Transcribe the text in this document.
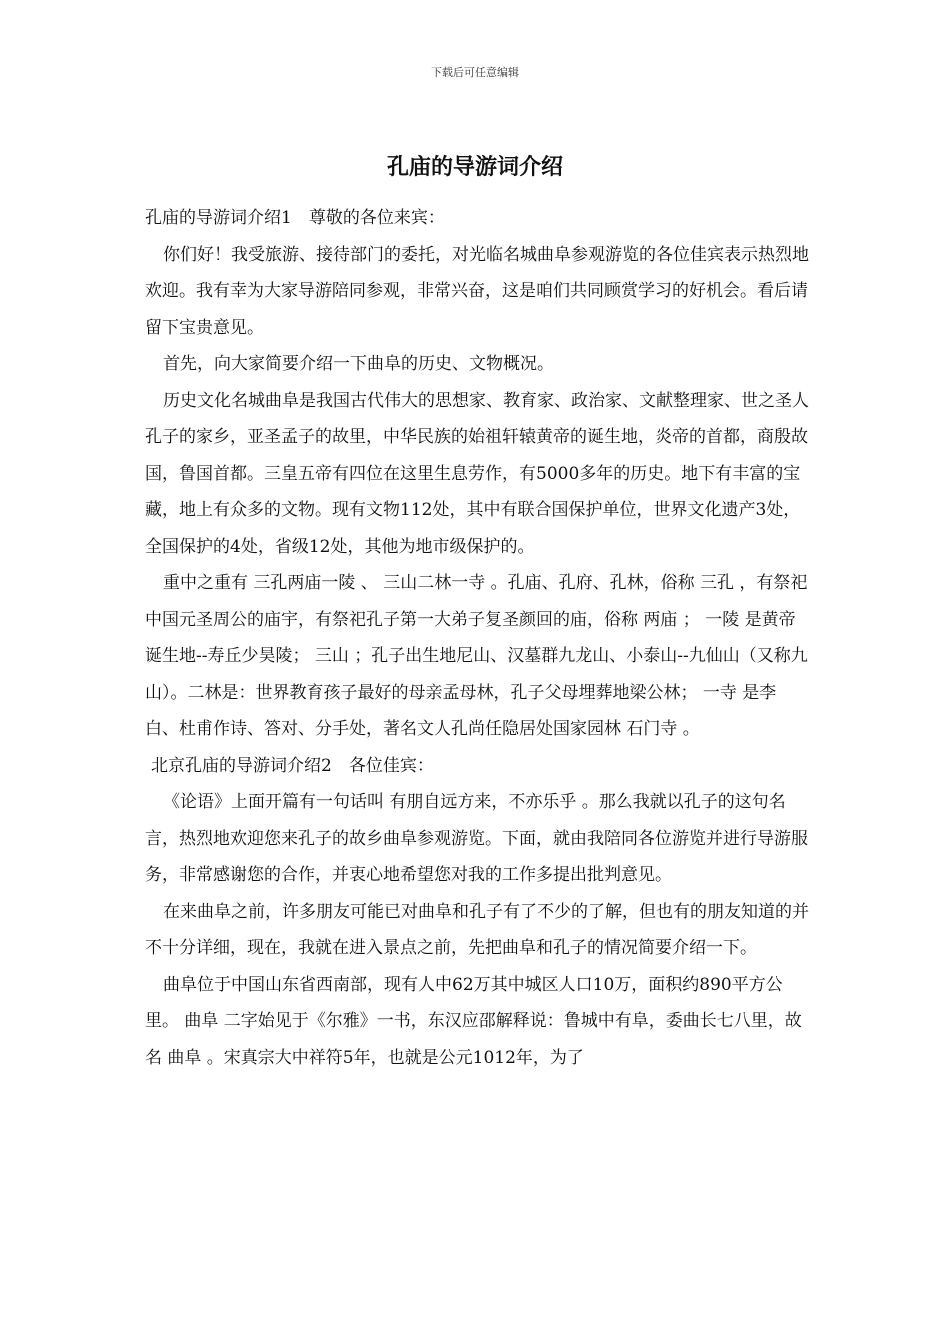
下载后可任意编辑
孔庙的导游词介绍

孔庙的导游词介绍1　尊敬的各位来宾：

你们好！我受旅游、接待部门的委托，对光临名城曲阜参观游览的各位佳宾表示热烈地欢迎。我有幸为大家导游陪同参观，非常兴奋，这是咱们共同顾赏学习的好机会。看后请留下宝贵意见。

首先，向大家简要介绍一下曲阜的历史、文物概况。

历史文化名城曲阜是我国古代伟大的思想家、教育家、政治家、文献整理家、世之圣人孔子的家乡，亚圣孟子的故里，中华民族的始祖轩辕黄帝的诞生地，炎帝的首都，商殷故国，鲁国首都。三皇五帝有四位在这里生息劳作，有5000多年的历史。地下有丰富的宝藏，地上有众多的文物。现有文物112处，其中有联合国保护单位，世界文化遗产3处，全国保护的4处，省级12处，其他为地市级保护的。

重中之重有 三孔两庙一陵 、 三山二林一寺 。孔庙、孔府、孔林，俗称 三孔 ，有祭祀中国元圣周公的庙宇，有祭祀孔子第一大弟子复圣颜回的庙，俗称 两庙 ； 一陵 是黄帝诞生地--寿丘少昊陵； 三山 ；孔子出生地尼山、汉墓群九龙山、小泰山--九仙山（又称九山）。二林是：世界教育孩子最好的母亲孟母林，孔子父母埋葬地梁公林； 一寺 是李白、杜甫作诗、答对、分手处，著名文人孔尚任隐居处国家园林 石门寺 。

北京孔庙的导游词介绍2　各位佳宾：

《论语》上面开篇有一句话叫 有朋自远方来，不亦乐乎 。那么我就以孔子的这句名言，热烈地欢迎您来孔子的故乡曲阜参观游览。下面，就由我陪同各位游览并进行导游服务，非常感谢您的合作，并衷心地希望您对我的工作多提出批判意见。

在来曲阜之前，许多朋友可能已对曲阜和孔子有了不少的了解，但也有的朋友知道的并不十分详细，现在，我就在进入景点之前，先把曲阜和孔子的情况简要介绍一下。

曲阜位于中国山东省西南部，现有人中62万其中城区人口10万，面积约890平方公里。 曲阜 二字始见于《尔雅》一书，东汉应邵解释说：鲁城中有阜，委曲长七八里，故名 曲阜 。宋真宗大中祥符5年，也就是公元1012年，为了
